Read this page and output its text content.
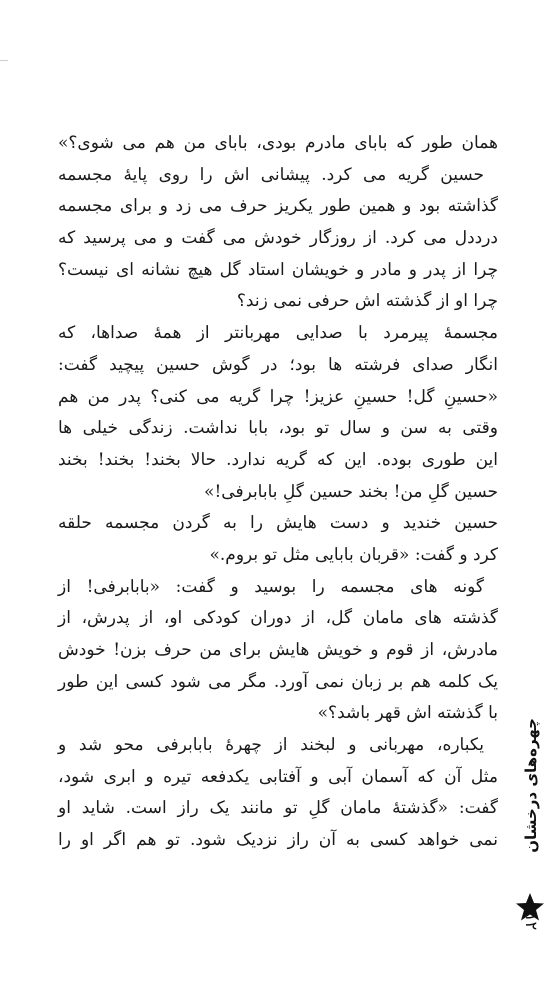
همان طور که بابای مادرم بودی، بابای من هم می شوی؟»
حسین گریه می کرد. پیشانی اش را روی پایهٔ مجسمه
گذاشته بود و همین طور یکریز حرف می زد و برای مجسمه
درددل می کرد. از روزگار خودش می گفت و می پرسید که
چرا از پدر و مادر و خویشان استاد گل هیچ نشانه ای نیست؟
چرا او از گذشته اش حرفی نمی زند؟
مجسمهٔ پیرمرد با صدایی مهربانتر از همهٔ صداها، که
انگار صدای فرشته ها بود؛ در گوش حسین پیچید گفت:
«حسینِ گل! حسینِ عزیز! چرا گریه می کنی؟ پدر من هم
وقتی به سن و سال تو بود، بابا نداشت. زندگی خیلی ها
این طوری بوده. این که گریه ندارد. حالا بخند! بخند! بخند
حسین گلِ من! بخند حسین گلِ بابابرفی!»
حسین خندید و دست هایش را به گردن مجسمه حلقه
کرد و گفت: «قربان بابایی مثل تو بروم.»
گونه های مجسمه را بوسید و گفت: «بابابرفی! از
گذشته های مامان گل، از دوران کودکی او، از پدرش، از
مادرش، از قوم و خویش هایش برای من حرف بزن! خودش
یک کلمه هم بر زبان نمی آورد. مگر می شود کسی این طور
با گذشته اش قهر باشد؟»
یکباره، مهربانی و لبخند از چهرهٔ بابابرفی محو شد و
مثل آن که آسمان آبی و آفتابی یکدفعه تیره و ابری شود،
گفت: «گذشتهٔ مامان گلِ تو مانند یک راز است. شاید او
نمی خواهد کسی به آن راز نزدیک شود. تو هم اگر او را چهره‌های درخشان
۱۲
